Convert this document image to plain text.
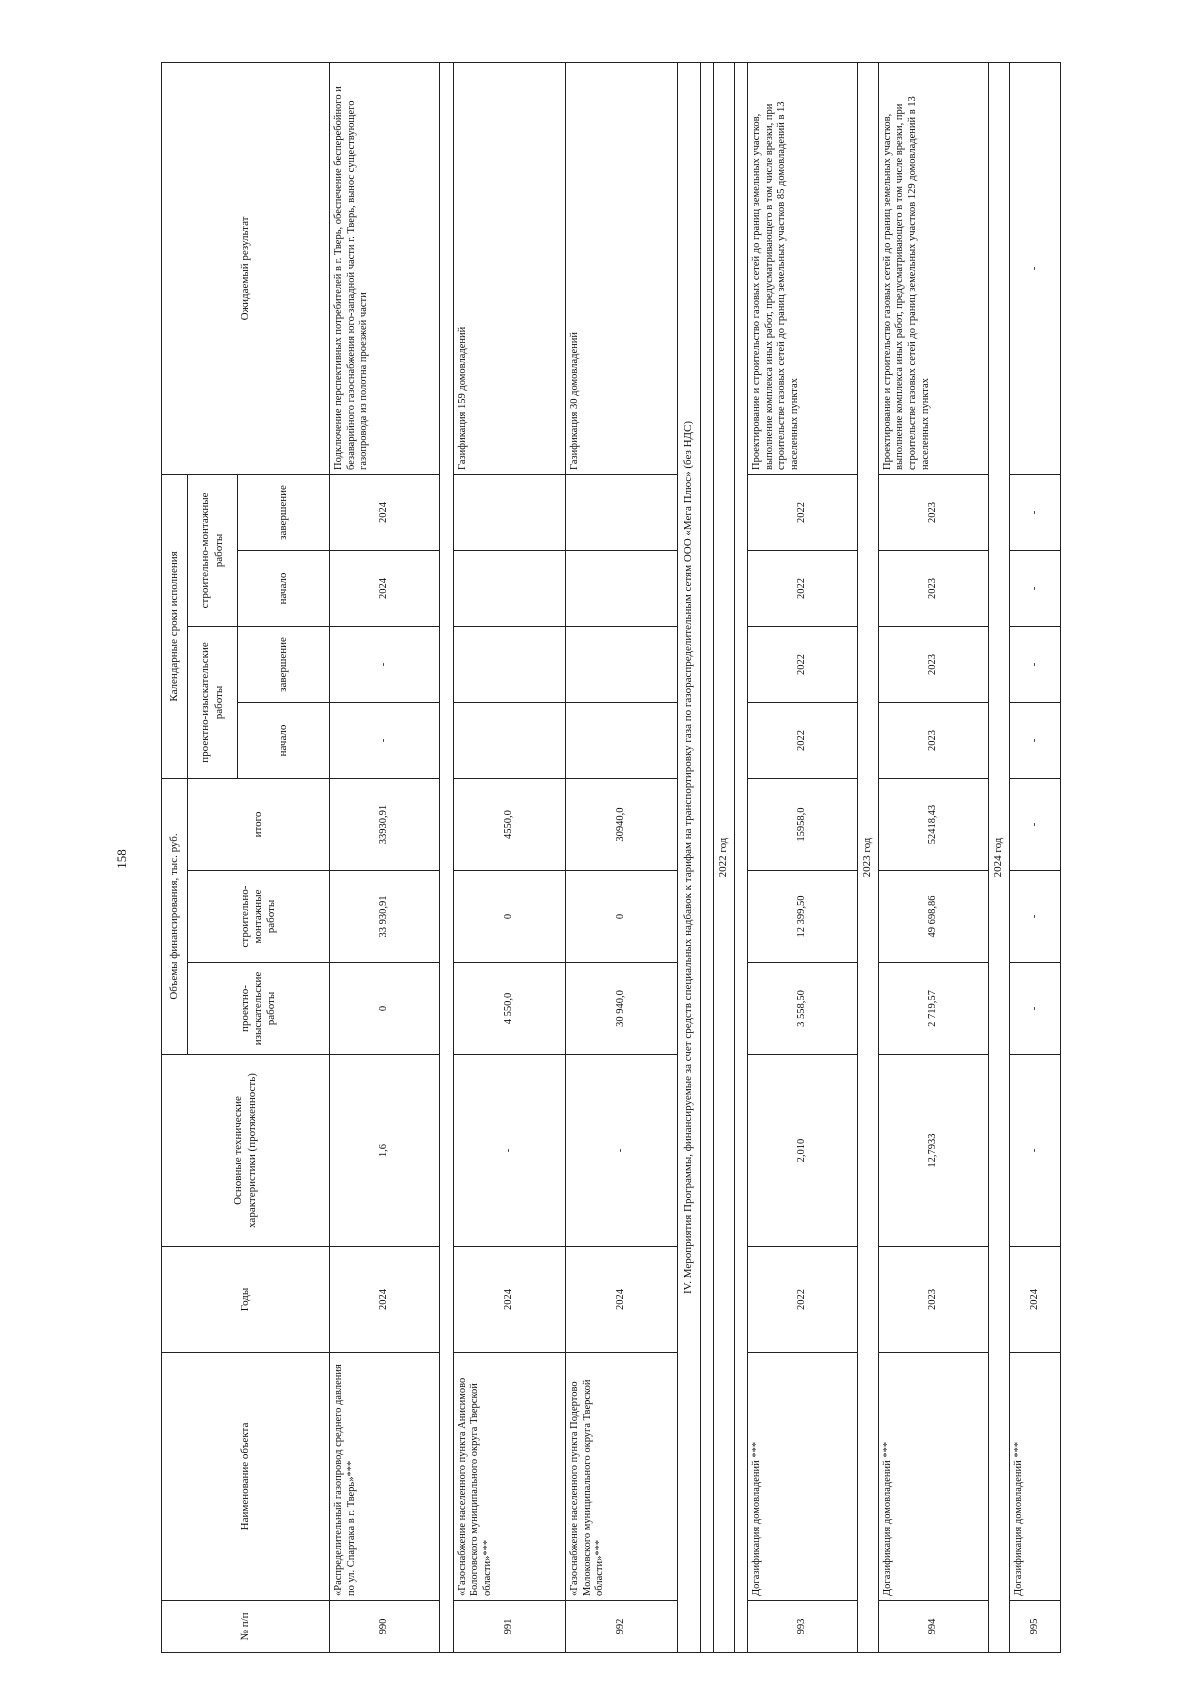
158
№ п/п	Наименование объекта	Годы	Основные технические характеристики (протяженность)	Объемы финансирования, тыс. руб.			Календарные сроки исполнения				Ожидаемый результат
				проектно-изыскательские работы	строительно-монтажные работы	итого	проектно-изыскательские работы		строительно-монтажные работы		
							начало	завершение	начало	завершение	
990	«Распределительный газопровод среднего давления по ул. Спартака в г. Тверь»***	2024	1,6	0	33 930,91	33930,91	-	-	2024	2024	Подключение перспективных потребителей в г. Тверь, обеспечение бесперебойного и безаварийного газоснабжения юго-западной части г. Тверь, вынос существующего газопровода из полотна проезжей части

991	«Газоснабжение населенного пункта Анисимово Бологовского муниципального округа Тверской области»***	2024	-	4 550,0	0	4550,0					Газификация 159 домовладений
992	«Газоснабжение населенного пункта Подертово Молоковского муниципального округа Тверской области»***	2024	-	30 940,0	0	30940,0					Газификация 30 домовладений
IV. Мероприятия Программы, финансируемые за счет средств специальных надбавок к тарифам на транспортировку газа по газораспределительным сетям ООО «Мега Плюс» (без НДС)											

2022 год											

993	Догазификация домовладений ***	2022	2,010	3 558,50	12 399,50	15958,0	2022	2022	2022	2022	Проектирование и строительство газовых сетей до границ земельных участков, выполнение комплекса иных работ, предусматривающего в том числе врезки, при строительстве газовых сетей до границ земельных участков 85 домовладений в 13 населенных пунктах
2023 год											
994	Догазификация домовладений ***	2023	12,7933	2 719,57	49 698,86	52418,43	2023	2023	2023	2023	Проектирование и строительство газовых сетей до границ земельных участков, выполнение комплекса иных работ, предусматривающего в том числе врезки, при строительстве газовых сетей до границ земельных участков 129 домовладений в 13 населенных пунктах
2024 год											
995	Догазификация домовладений ***	2024	-	-	-	-	-	-	-	-	-
